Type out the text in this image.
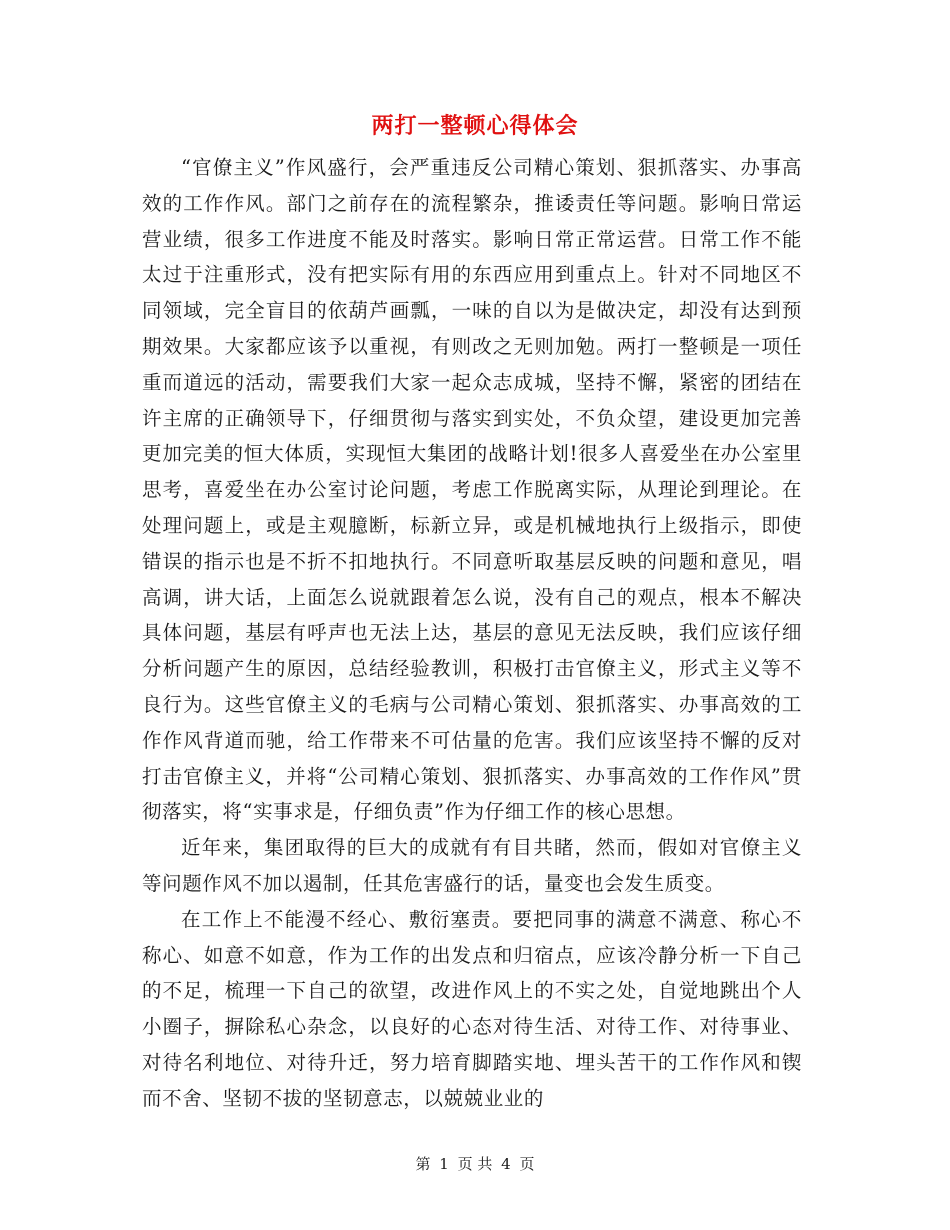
两打一整顿心得体会

“官僚主义”作风盛行，会严重违反公司精心策划、狠抓落实、办事高效的工作作风。部门之前存在的流程繁杂，推诿责任等问题。影响日常运营业绩，很多工作进度不能及时落实。影响日常正常运营。日常工作不能太过于注重形式，没有把实际有用的东西应用到重点上。针对不同地区不同领域，完全盲目的依葫芦画瓢，一味的自以为是做决定，却没有达到预期效果。大家都应该予以重视，有则改之无则加勉。两打一整顿是一项任重而道远的活动，需要我们大家一起众志成城，坚持不懈，紧密的团结在许主席的正确领导下，仔细贯彻与落实到实处，不负众望，建设更加完善更加完美的恒大体质，实现恒大集团的战略计划!很多人喜爱坐在办公室里思考，喜爱坐在办公室讨论问题，考虑工作脱离实际，从理论到理论。在处理问题上，或是主观臆断，标新立异，或是机械地执行上级指示，即使错误的指示也是不折不扣地执行。不同意听取基层反映的问题和意见，唱高调，讲大话，上面怎么说就跟着怎么说，没有自己的观点，根本不解决具体问题，基层有呼声也无法上达，基层的意见无法反映，我们应该仔细分析问题产生的原因，总结经验教训，积极打击官僚主义，形式主义等不良行为。这些官僚主义的毛病与公司精心策划、狠抓落实、办事高效的工作作风背道而驰，给工作带来不可估量的危害。我们应该坚持不懈的反对打击官僚主义，并将“公司精心策划、狠抓落实、办事高效的工作作风”贯彻落实，将“实事求是，仔细负责”作为仔细工作的核心思想。

近年来，集团取得的巨大的成就有有目共睹，然而，假如对官僚主义等问题作风不加以遏制，任其危害盛行的话，量变也会发生质变。

在工作上不能漫不经心、敷衍塞责。要把同事的满意不满意、称心不称心、如意不如意，作为工作的出发点和归宿点，应该冷静分析一下自己的不足，梳理一下自己的欲望，改进作风上的不实之处，自觉地跳出个人小圈子，摒除私心杂念，以良好的心态对待生活、对待工作、对待事业、对待名利地位、对待升迁，努力培育脚踏实地、埋头苦干的工作作风和锲而不舍、坚韧不拔的坚韧意志，以兢兢业业的

第 1 页 共 4 页
